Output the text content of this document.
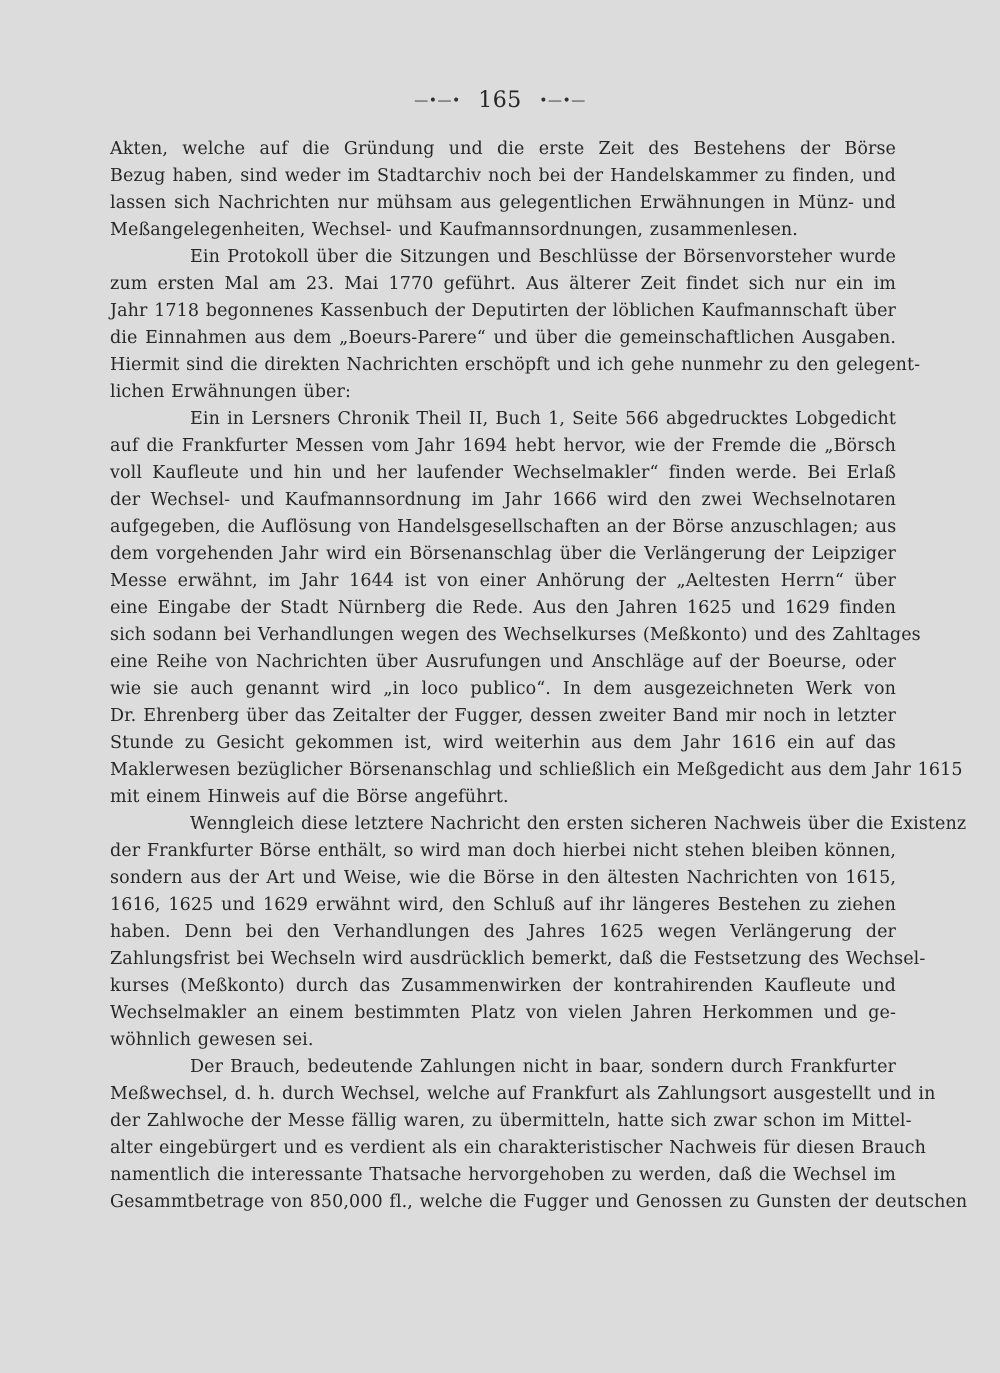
—•—• 165 •—•—
Akten, welche auf die Gründung und die erste Zeit des Bestehens der Börse
Bezug haben, sind weder im Stadtarchiv noch bei der Handelskammer zu finden, und
lassen sich Nachrichten nur mühsam aus gelegentlichen Erwähnungen in Münz- und
Meßangelegenheiten, Wechsel- und Kaufmannsordnungen, zusammenlesen.
Ein Protokoll über die Sitzungen und Beschlüsse der Börsenvorsteher wurde
zum ersten Mal am 23. Mai 1770 geführt. Aus älterer Zeit findet sich nur ein im
Jahr 1718 begonnenes Kassenbuch der Deputirten der löblichen Kaufmannschaft über
die Einnahmen aus dem „Boeurs-Parere“ und über die gemeinschaftlichen Ausgaben.
Hiermit sind die direkten Nachrichten erschöpft und ich gehe nunmehr zu den gelegent-
lichen Erwähnungen über:
Ein in Lersners Chronik Theil II, Buch 1, Seite 566 abgedrucktes Lobgedicht
auf die Frankfurter Messen vom Jahr 1694 hebt hervor, wie der Fremde die „Börsch
voll Kaufleute und hin und her laufender Wechselmakler“ finden werde. Bei Erlaß
der Wechsel- und Kaufmannsordnung im Jahr 1666 wird den zwei Wechselnotaren
aufgegeben, die Auflösung von Handelsgesellschaften an der Börse anzuschlagen; aus
dem vorgehenden Jahr wird ein Börsenanschlag über die Verlängerung der Leipziger
Messe erwähnt, im Jahr 1644 ist von einer Anhörung der „Aeltesten Herrn“ über
eine Eingabe der Stadt Nürnberg die Rede. Aus den Jahren 1625 und 1629 finden
sich sodann bei Verhandlungen wegen des Wechselkurses (Meßkonto) und des Zahltages
eine Reihe von Nachrichten über Ausrufungen und Anschläge auf der Boeurse, oder
wie sie auch genannt wird „in loco publico“. In dem ausgezeichneten Werk von
Dr. Ehrenberg über das Zeitalter der Fugger, dessen zweiter Band mir noch in letzter
Stunde zu Gesicht gekommen ist, wird weiterhin aus dem Jahr 1616 ein auf das
Maklerwesen bezüglicher Börsenanschlag und schließlich ein Meßgedicht aus dem Jahr 1615
mit einem Hinweis auf die Börse angeführt.
Wenngleich diese letztere Nachricht den ersten sicheren Nachweis über die Existenz
der Frankfurter Börse enthält, so wird man doch hierbei nicht stehen bleiben können,
sondern aus der Art und Weise, wie die Börse in den ältesten Nachrichten von 1615,
1616, 1625 und 1629 erwähnt wird, den Schluß auf ihr längeres Bestehen zu ziehen
haben. Denn bei den Verhandlungen des Jahres 1625 wegen Verlängerung der
Zahlungsfrist bei Wechseln wird ausdrücklich bemerkt, daß die Festsetzung des Wechsel-
kurses (Meßkonto) durch das Zusammenwirken der kontrahirenden Kaufleute und
Wechselmakler an einem bestimmten Platz von vielen Jahren Herkommen und ge-
wöhnlich gewesen sei.
Der Brauch, bedeutende Zahlungen nicht in baar, sondern durch Frankfurter
Meßwechsel, d. h. durch Wechsel, welche auf Frankfurt als Zahlungsort ausgestellt und in
der Zahlwoche der Messe fällig waren, zu übermitteln, hatte sich zwar schon im Mittel-
alter eingebürgert und es verdient als ein charakteristischer Nachweis für diesen Brauch
namentlich die interessante Thatsache hervorgehoben zu werden, daß die Wechsel im
Gesammtbetrage von 850,000 fl., welche die Fugger und Genossen zu Gunsten der deutschen
